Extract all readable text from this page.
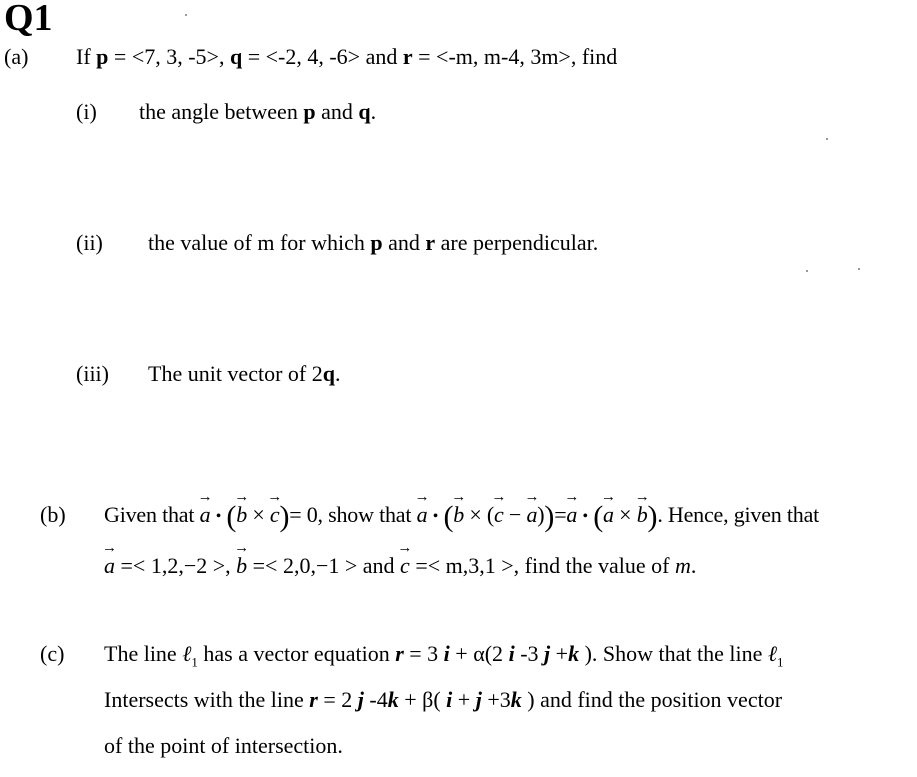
Q1
(a) If p = <7, 3, -5>, q = <-2, 4, -6> and r = <-m, m-4, 3m>, find
(i) the angle between p and q.
(ii) the value of m for which p and r are perpendicular.
(iii) The unit vector of 2q.
(b) Given that → a • (→ b × → c)= 0, show that → a • (→ b × (→ c − → a))=→ a • (→ a × → b). Hence, given that
→ a =< 1,2,−2 >, → b =< 2,0,−1 > and → c =< m,3,1 >, find the value of m.
(c) The line ℓ$_1$ has a vector equation r = 3 i + α(2 i -3 j +k ). Show that the line ℓ$_1$
Intersects with the line r = 2 j -4k + β( i + j +3k ) and find the position vector
of the point of intersection.
